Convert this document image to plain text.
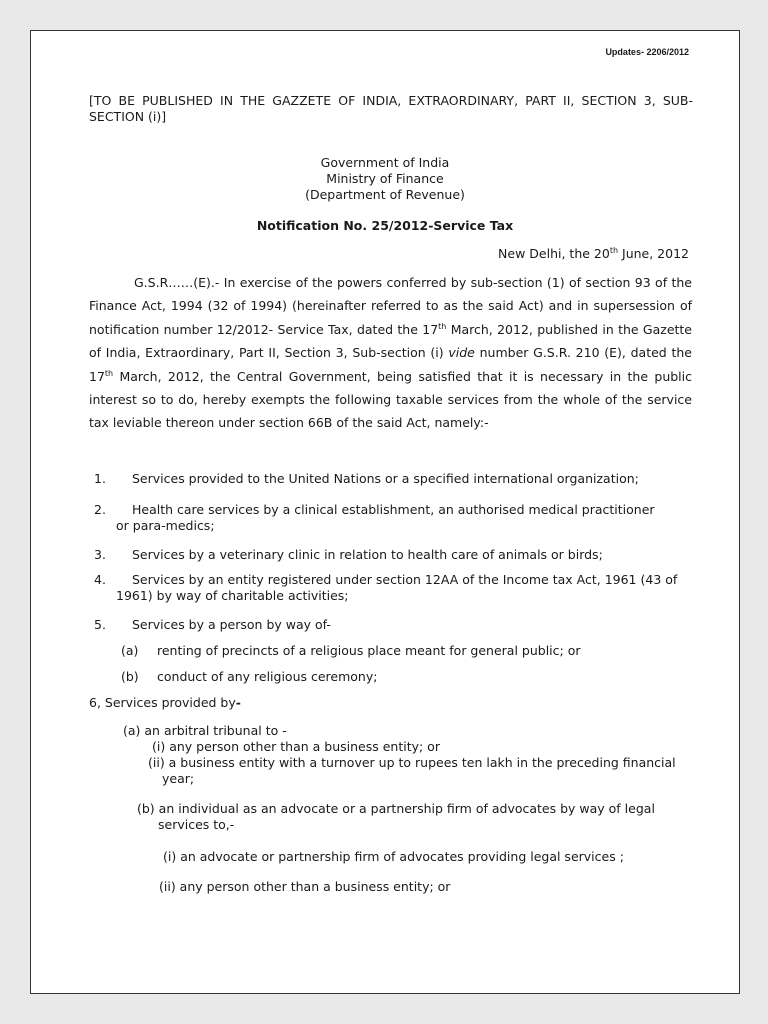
Updates- 2206/2012
[TO BE PUBLISHED IN THE GAZZETE OF INDIA, EXTRAORDINARY, PART II, SECTION 3, SUB-
SECTION (i)]
Government of India
Ministry of Finance
(Department of Revenue)
Notification No. 25/2012-Service Tax
New Delhi, the 20th June, 2012
G.S.R……(E).- In exercise of the powers conferred by sub-section (1) of section 93 of the Finance Act, 1994 (32 of 1994) (hereinafter referred to as the said Act) and in supersession of notification number 12/2012- Service Tax, dated the 17th March, 2012, published in the Gazette of India, Extraordinary, Part II, Section 3, Sub-section (i) vide number G.S.R. 210 (E), dated the 17th March, 2012, the Central Government, being satisfied that it is necessary in the public interest so to do, hereby exempts the following taxable services from the whole of the service tax leviable thereon under section 66B of the said Act, namely:-
1. Services provided to the United Nations or a specified international organization;
2. Health care services by a clinical establishment, an authorised medical practitioner
or para-medics;
3. Services by a veterinary clinic in relation to health care of animals or birds;
4. Services by an entity registered under section 12AA of the Income tax Act, 1961 (43 of
1961) by way of charitable activities;
5. Services by a person by way of-
(a) renting of precincts of a religious place meant for general public; or
(b) conduct of any religious ceremony;
6, Services provided by-
(a) an arbitral tribunal to -
(i) any person other than a business entity; or
(ii) a business entity with a turnover up to rupees ten lakh in the preceding financial
year;
(b) an individual as an advocate or a partnership firm of advocates by way of legal
services to,-
(i) an advocate or partnership firm of advocates providing legal services ;
(ii) any person other than a business entity; or
